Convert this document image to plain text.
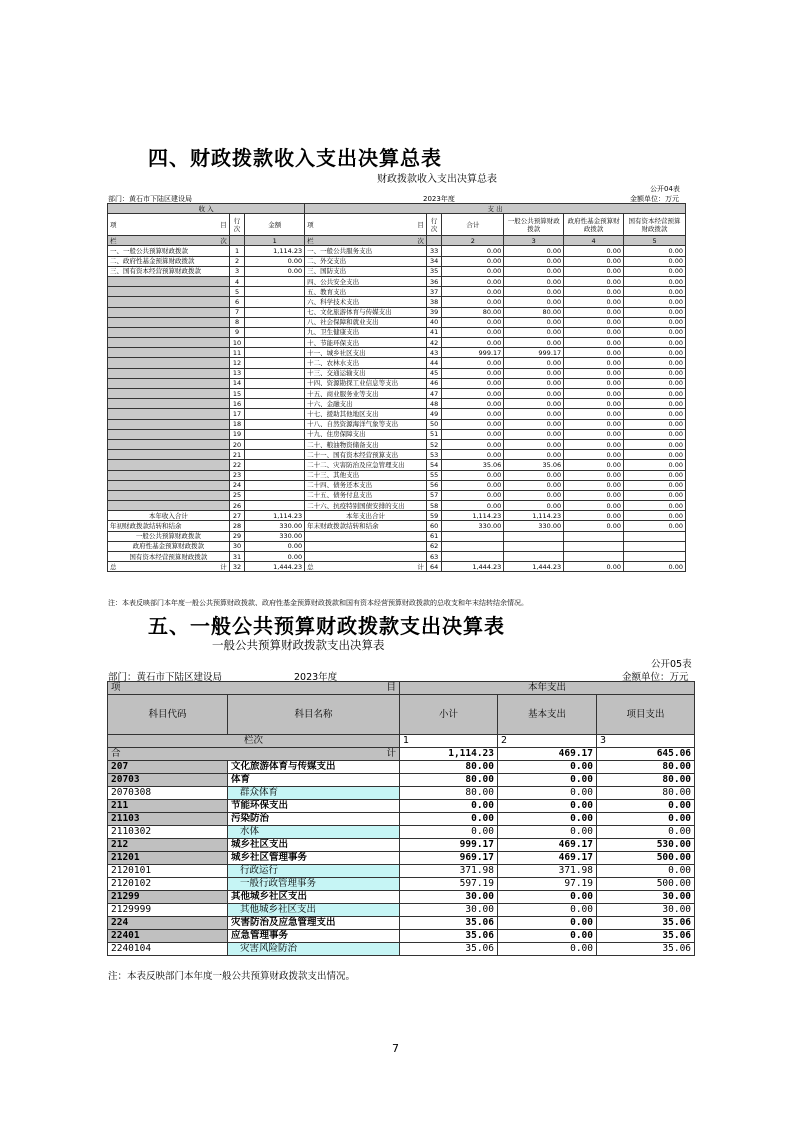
四、财政拨款收入支出决算总表
财政拨款收入支出决算总表
公开04表
部门：黄石市下陆区建设局	2023年度	金额单位：万元
收 入			支 出					
项 目	行次	金额	项 目	行次	合计	一般公共预算财政拨款	政府性基金预算财政拨款	国有资本经营预算财政拨款
栏 次		1	栏 次		2	3	4	5
一、一般公共预算财政拨款	1	1,114.23	一、一般公共服务支出	33	0.00	0.00	0.00	0.00
二、政府性基金预算财政拨款	2	0.00	二、外交支出	34	0.00	0.00	0.00	0.00
三、国有资本经营预算财政拨款	3	0.00	三、国防支出	35	0.00	0.00	0.00	0.00
	4		四、公共安全支出	36	0.00	0.00	0.00	0.00
	5		五、教育支出	37	0.00	0.00	0.00	0.00
	6		六、科学技术支出	38	0.00	0.00	0.00	0.00
	7		七、文化旅游体育与传媒支出	39	80.00	80.00	0.00	0.00
	8		八、社会保障和就业支出	40	0.00	0.00	0.00	0.00
	9		九、卫生健康支出	41	0.00	0.00	0.00	0.00
	10		十、节能环保支出	42	0.00	0.00	0.00	0.00
	11		十一、城乡社区支出	43	999.17	999.17	0.00	0.00
	12		十二、农林水支出	44	0.00	0.00	0.00	0.00
	13		十三、交通运输支出	45	0.00	0.00	0.00	0.00
	14		十四、资源勘探工业信息等支出	46	0.00	0.00	0.00	0.00
	15		十五、商业服务业等支出	47	0.00	0.00	0.00	0.00
	16		十六、金融支出	48	0.00	0.00	0.00	0.00
	17		十七、援助其他地区支出	49	0.00	0.00	0.00	0.00
	18		十八、自然资源海洋气象等支出	50	0.00	0.00	0.00	0.00
	19		十九、住房保障支出	51	0.00	0.00	0.00	0.00
	20		二十、粮油物资储备支出	52	0.00	0.00	0.00	0.00
	21		二十一、国有资本经营预算支出	53	0.00	0.00	0.00	0.00
	22		二十二、灾害防治及应急管理支出	54	35.06	35.06	0.00	0.00
	23		二十三、其他支出	55	0.00	0.00	0.00	0.00
	24		二十四、债务还本支出	56	0.00	0.00	0.00	0.00
	25		二十五、债务付息支出	57	0.00	0.00	0.00	0.00
	26		二十六、抗疫特别国债安排的支出	58	0.00	0.00	0.00	0.00
本年收入合计	27	1,114.23	本年支出合计	59	1,114.23	1,114.23	0.00	0.00
年初财政拨款结转和结余	28	330.00	年末财政拨款结转和结余	60	330.00	330.00	0.00	0.00
一般公共预算财政拨款	29	330.00		61				
政府性基金预算财政拨款	30	0.00		62				
国有资本经营预算财政拨款	31	0.00		63				
总 计	32	1,444.23	总 计	64	1,444.23	1,444.23	0.00	0.00
注：本表反映部门本年度一般公共预算财政拨款、政府性基金预算财政拨款和国有资本经营预算财政拨款的总收支和年末结转结余情况。
五、一般公共预算财政拨款支出决算表
一般公共预算财政拨款支出决算表
公开05表
部门：黄石市下陆区建设局	2023年度	金额单位：万元
项 目		本年支出		
科目代码	科目名称	小计	基本支出	项目支出
栏次		1	2	3
合 计		1,114.23	469.17	645.06
207	文化旅游体育与传媒支出	80.00	0.00	80.00
20703	体育	80.00	0.00	80.00
2070308	群众体育	80.00	0.00	80.00
211	节能环保支出	0.00	0.00	0.00
21103	污染防治	0.00	0.00	0.00
2110302	水体	0.00	0.00	0.00
212	城乡社区支出	999.17	469.17	530.00
21201	城乡社区管理事务	969.17	469.17	500.00
2120101	行政运行	371.98	371.98	0.00
2120102	一般行政管理事务	597.19	97.19	500.00
21299	其他城乡社区支出	30.00	0.00	30.00
2129999	其他城乡社区支出	30.00	0.00	30.00
224	灾害防治及应急管理支出	35.06	0.00	35.06
22401	应急管理事务	35.06	0.00	35.06
2240104	灾害风险防治	35.06	0.00	35.06
注：本表反映部门本年度一般公共预算财政拨款支出情况。
7
